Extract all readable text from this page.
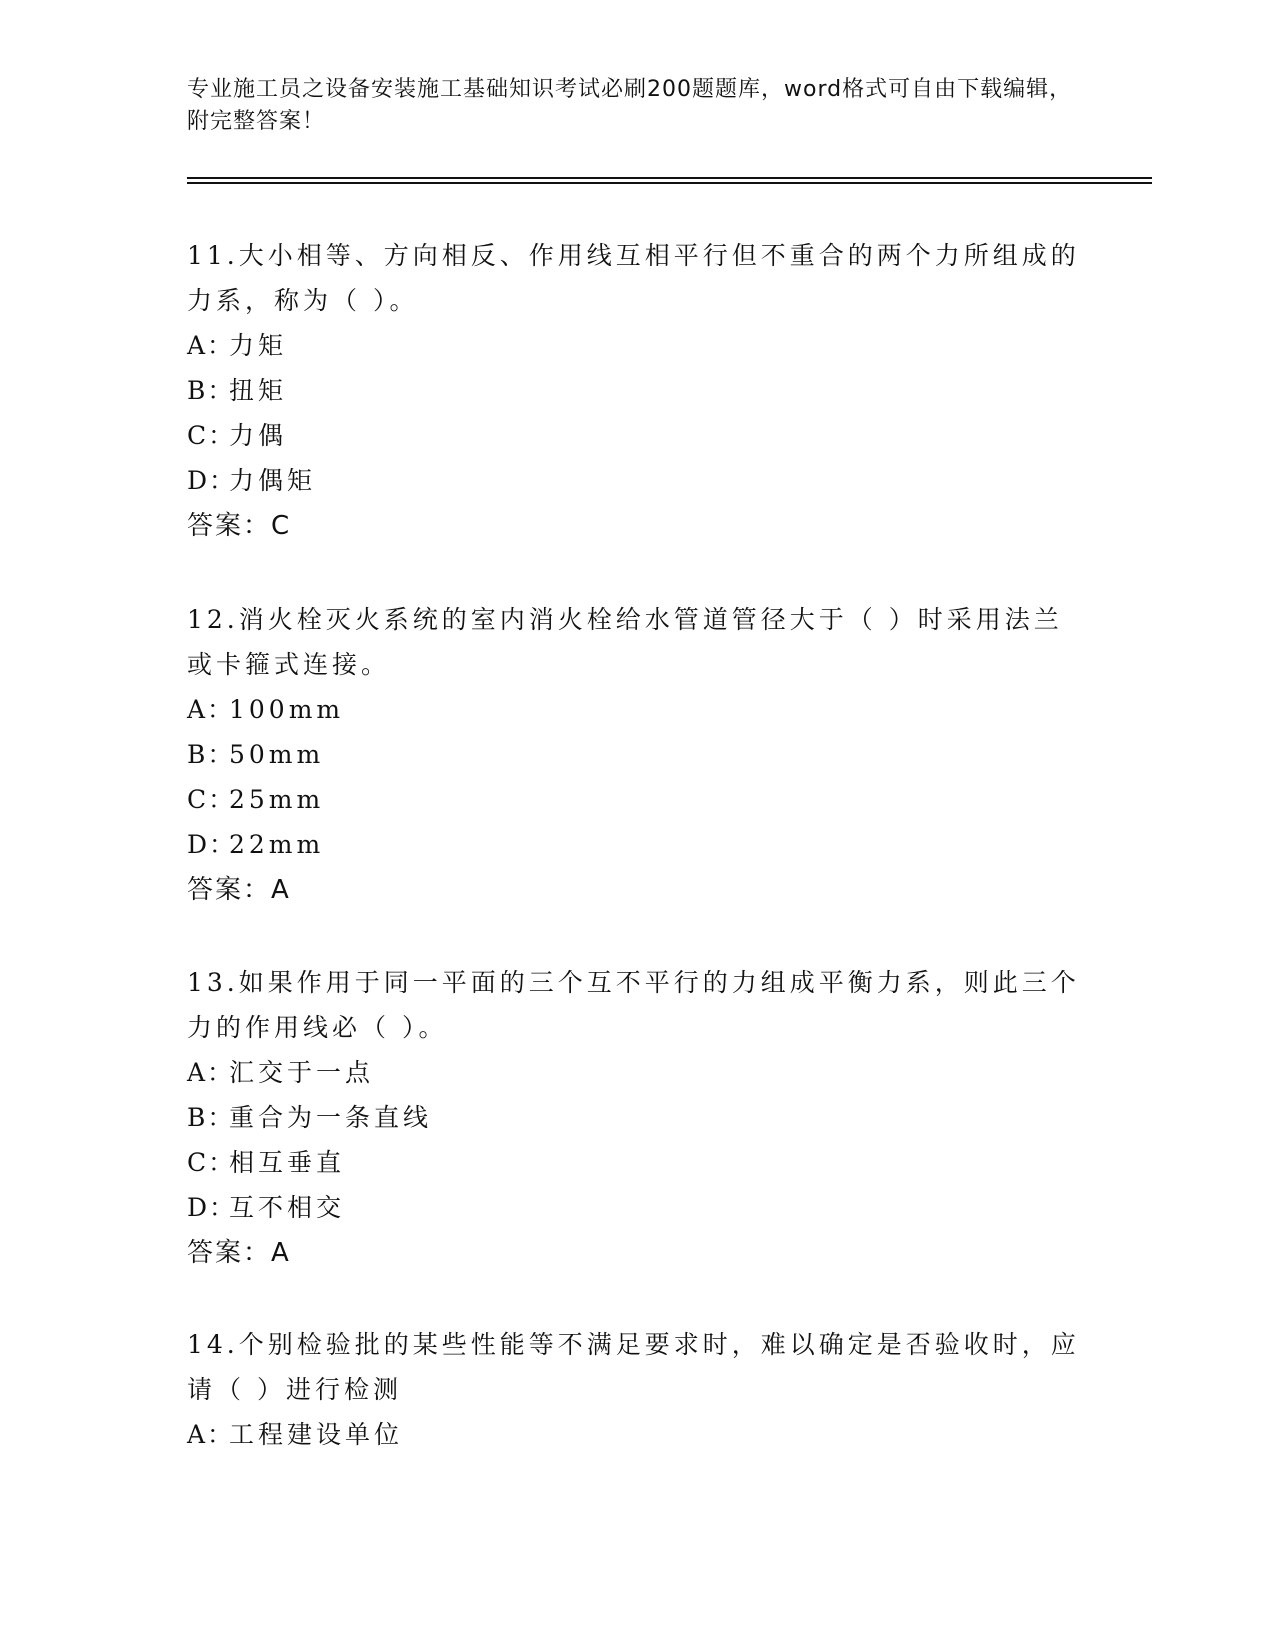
专业施工员之设备安装施工基础知识考试必刷200题题库，word格式可自由下载编辑，附完整答案！

11.大小相等、方向相反、作用线互相平行但不重合的两个力所组成的力系，称为（ ）。

A：力矩

B：扭矩

C：力偶

D：力偶矩

答案：C

12.消火栓灭火系统的室内消火栓给水管道管径大于（ ）时采用法兰或卡箍式连接。

A：100mm

B：50mm

C：25mm

D：22mm

答案：A

13.如果作用于同一平面的三个互不平行的力组成平衡力系，则此三个力的作用线必（ ）。

A：汇交于一点

B：重合为一条直线

C：相互垂直

D：互不相交

答案：A

14.个别检验批的某些性能等不满足要求时，难以确定是否验收时，应请（ ）进行检测

A：工程建设单位
